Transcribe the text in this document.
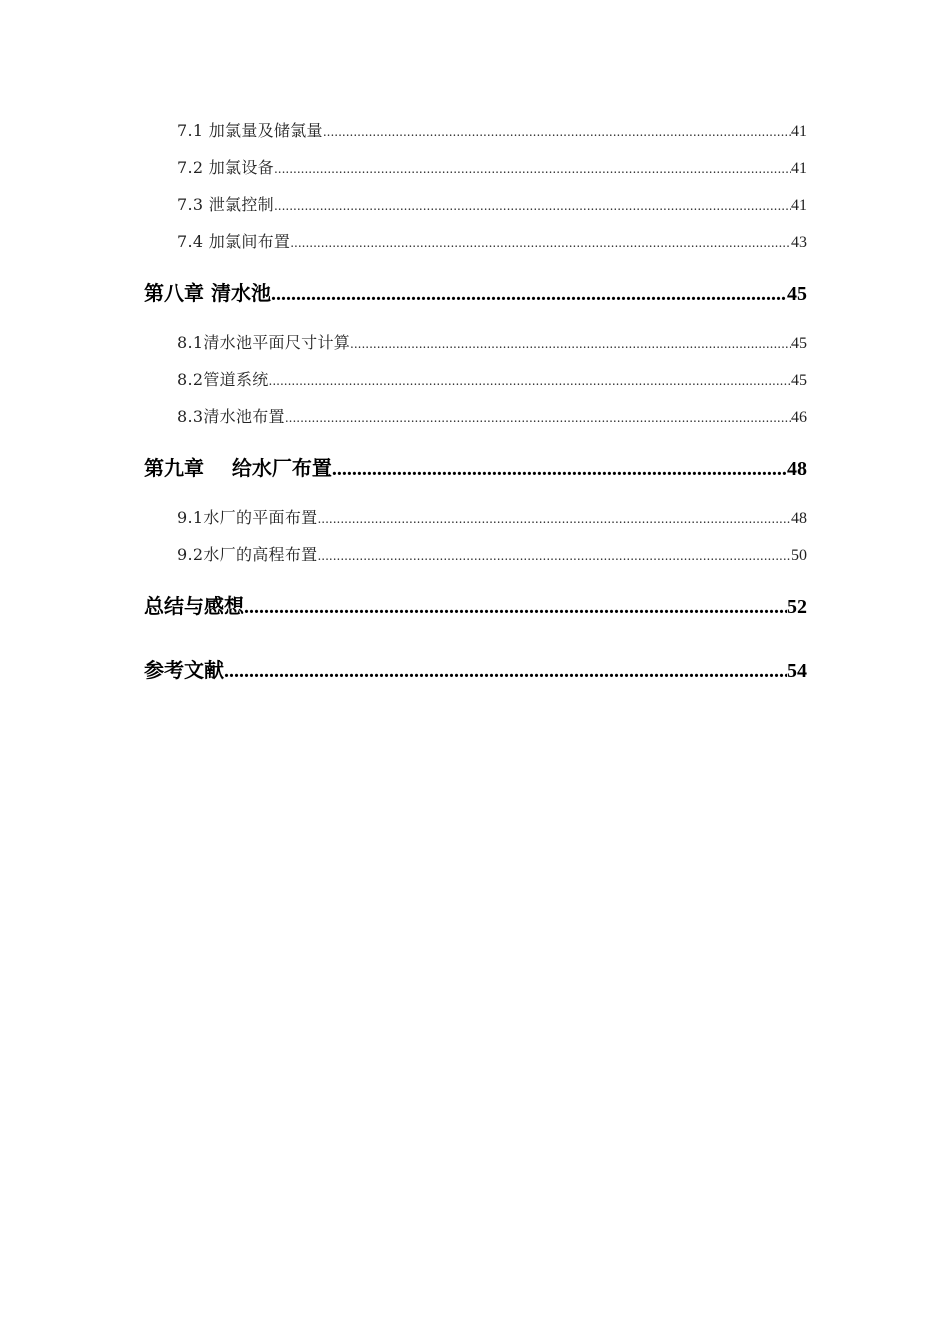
7.1 加氯量及储氯量 .....	41
7.2 加氯设备 .....	41
7.3 泄氯控制 .....	41
7.4 加氯间布置 .....	43
第八章 清水池 .....	45
8.1清水池平面尺寸计算 .....	45
8.2管道系统 .....	45
8.3清水池布置 .....	46
第九章    给水厂布置 .....	48
9.1水厂的平面布置 .....	48
9.2水厂的高程布置 .....	50
总结与感想 .....	52
参考文献 .....	54
